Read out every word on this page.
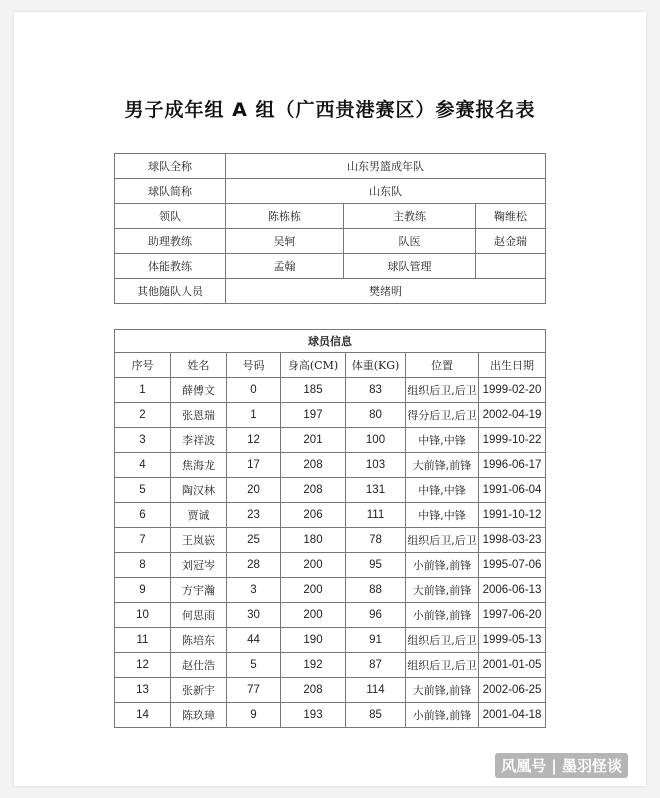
男子成年组 A 组（广西贵港赛区）参赛报名表
球队全称	山东男篮成年队		
球队简称	山东队		
领队	陈栋栋	主教练	鞠维松
助理教练	吴轲	队医	赵金瑞
体能教练	孟翰	球队管理	
其他随队人员	樊绪明		
球员信息						
序号	姓名	号码	身高(CM)	体重(KG)	位置	出生日期
1	薛傅文	0	185	83	组织后卫,后卫	1999-02-20
2	张恩瑞	1	197	80	得分后卫,后卫	2002-04-19
3	李祥波	12	201	100	中锋,中锋	1999-10-22
4	焦海龙	17	208	103	大前锋,前锋	1996-06-17
5	陶汉林	20	208	131	中锋,中锋	1991-06-04
6	贾诚	23	206	111	中锋,中锋	1991-10-12
7	王岚嵚	25	180	78	组织后卫,后卫	1998-03-23
8	刘冠岑	28	200	95	小前锋,前锋	1995-07-06
9	方宇瀚	3	200	88	大前锋,前锋	2006-06-13
10	何思雨	30	200	96	小前锋,前锋	1997-06-20
11	陈培东	44	190	91	组织后卫,后卫	1999-05-13
12	赵仕浩	5	192	87	组织后卫,后卫	2001-01-05
13	张新宇	77	208	114	大前锋,前锋	2002-06-25
14	陈玖璋	9	193	85	小前锋,前锋	2001-04-18
风凰号 | 墨羽怪谈
